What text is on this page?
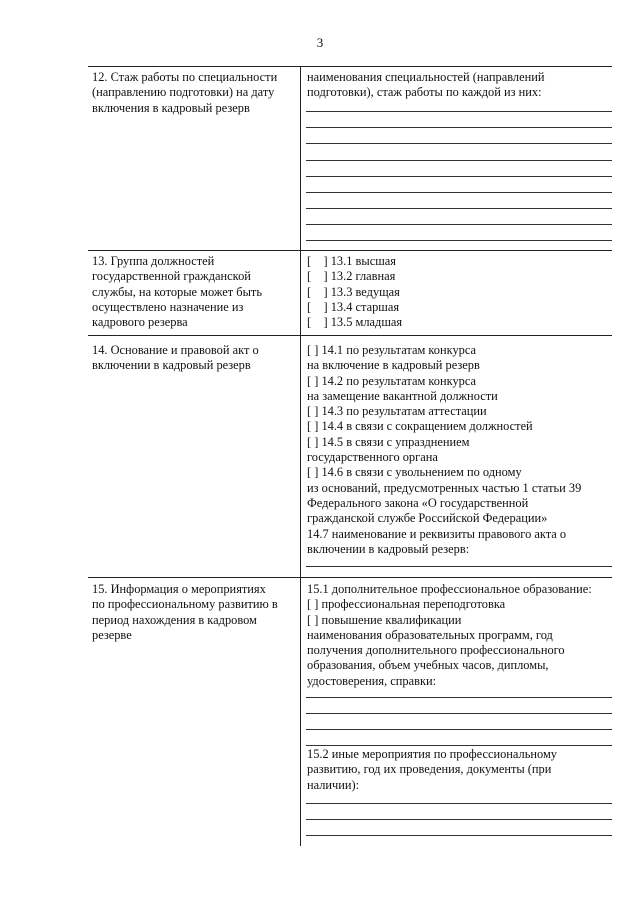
3
12. Стаж работы по специальности
(направлению подготовки) на дату
включения в кадровый резерв
наименования специальностей (направлений
подготовки), стаж работы по каждой из них:
13. Группа должностей
государственной гражданской
службы, на которые может быть
осуществлено назначение из
кадрового резерва
[    ] 13.1 высшая
[    ] 13.2 главная
[    ] 13.3 ведущая
[    ] 13.4 старшая
[    ] 13.5 младшая
14. Основание и правовой акт о
включении в кадровый резерв
[ ] 14.1 по результатам конкурса
на включение в кадровый резерв
[ ] 14.2 по результатам конкурса
на замещение вакантной должности
[ ] 14.3 по результатам аттестации
[ ] 14.4 в связи с сокращением должностей
[ ] 14.5 в связи с упразднением
государственного органа
[ ] 14.6 в связи с увольнением по одному
из оснований, предусмотренных частью 1 статьи 39
Федерального закона «О государственной
гражданской службе Российской Федерации»
14.7 наименование и реквизиты правового акта о
включении в кадровый резерв:
15. Информация о мероприятиях
по профессиональному развитию в
период нахождения в кадровом
резерве
15.1 дополнительное профессиональное образование:
[ ] профессиональная переподготовка
[ ] повышение квалификации
наименования образовательных программ, год
получения дополнительного профессионального
образования, объем учебных часов, дипломы,
удостоверения, справки:
15.2 иные мероприятия по профессиональному
развитию, год их проведения, документы (при
наличии):
